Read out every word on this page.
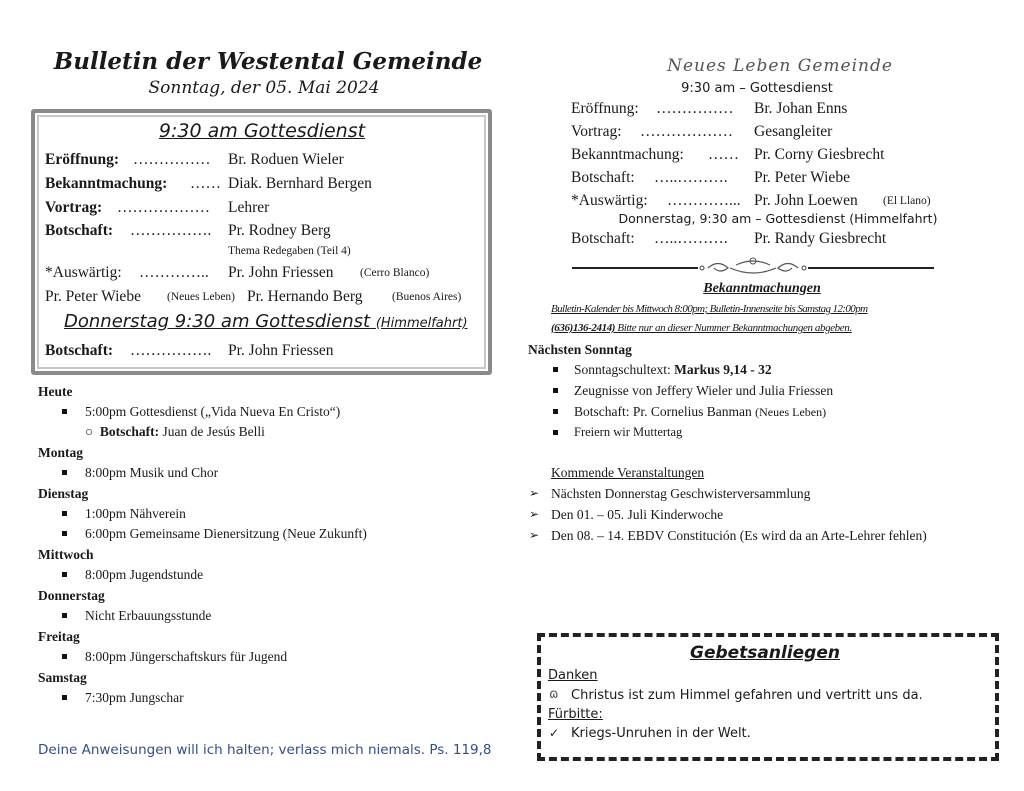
Bulletin der Westental Gemeinde
Sonntag, der 05. Mai 2024
9:30 am Gottesdienst
Eröffnung: …………… Br. Roduen Wieler
Bekanntmachung: …… Diak. Bernhard Bergen
Vortrag: ……………… Lehrer
Botschaft: ……………. Pr. Rodney Berg
Thema Redegaben (Teil 4)
*Auswärtig: ………….. Pr. John Friessen (Cerro Blanco)
Pr. Peter Wiebe (Neues Leben) Pr. Hernando Berg	(Buenos Aires)
Donnerstag 9:30 am Gottesdienst (Himmelfahrt)
Botschaft: ……………. Pr. John Friessen
Heute
5:00pm Gottesdienst („Vida Nueva En Cristo“)
○  Botschaft: Juan de Jesús Belli
Montag
8:00pm Musik und Chor
Dienstag
1:00pm Nähverein
6:00pm Gemeinsame Dienersitzung (Neue Zukunft)
Mittwoch
8:00pm Jugendstunde
Donnerstag
Nicht Erbauungsstunde
Freitag
8:00pm Jüngerschaftskurs für Jugend
Samstag
7:30pm Jungschar
Deine Anweisungen will ich halten; verlass mich niemals. Ps. 119,8
Neues Leben Gemeinde
9:30 am – Gottesdienst
Eröffnung: …………… Br. Johan Enns
Vortrag: ……………… Gesangleiter
Bekanntmachung: …… Pr. Corny Giesbrecht
Botschaft: …..………. Pr. Peter Wiebe
*Auswärtig: …………... Pr. John Loewen (El Llano)
Donnerstag, 9:30 am – Gottesdienst (Himmelfahrt)
Botschaft: …..………. Pr. Randy Giesbrecht
Bekanntmachungen
Bulletin-Kalender bis Mittwoch 8:00pm; Bulletin-Innenseite bis Samstag 12:00pm
(636)136-2414) Bitte nur an dieser Nummer Bekanntmachungen abgeben.
Nächsten Sonntag
Sonntagschultext: Markus 9,14 - 32
Zeugnisse von Jeffery Wieler und Julia Friessen
Botschaft: Pr. Cornelius Banman (Neues Leben)
Freiern wir Muttertag
Kommende Veranstaltungen
➢ Nächsten Donnerstag Geschwisterversammlung
➢ Den 01. – 05. Juli Kinderwoche
➢ Den 08. – 14. EBDV Constitución (Es wird da an Arte-Lehrer fehlen)
Gebetsanliegen
Danken
ɷ Christus ist zum Himmel gefahren und vertritt uns da.
Fürbitte:
✓ Kriegs-Unruhen in der Welt.
